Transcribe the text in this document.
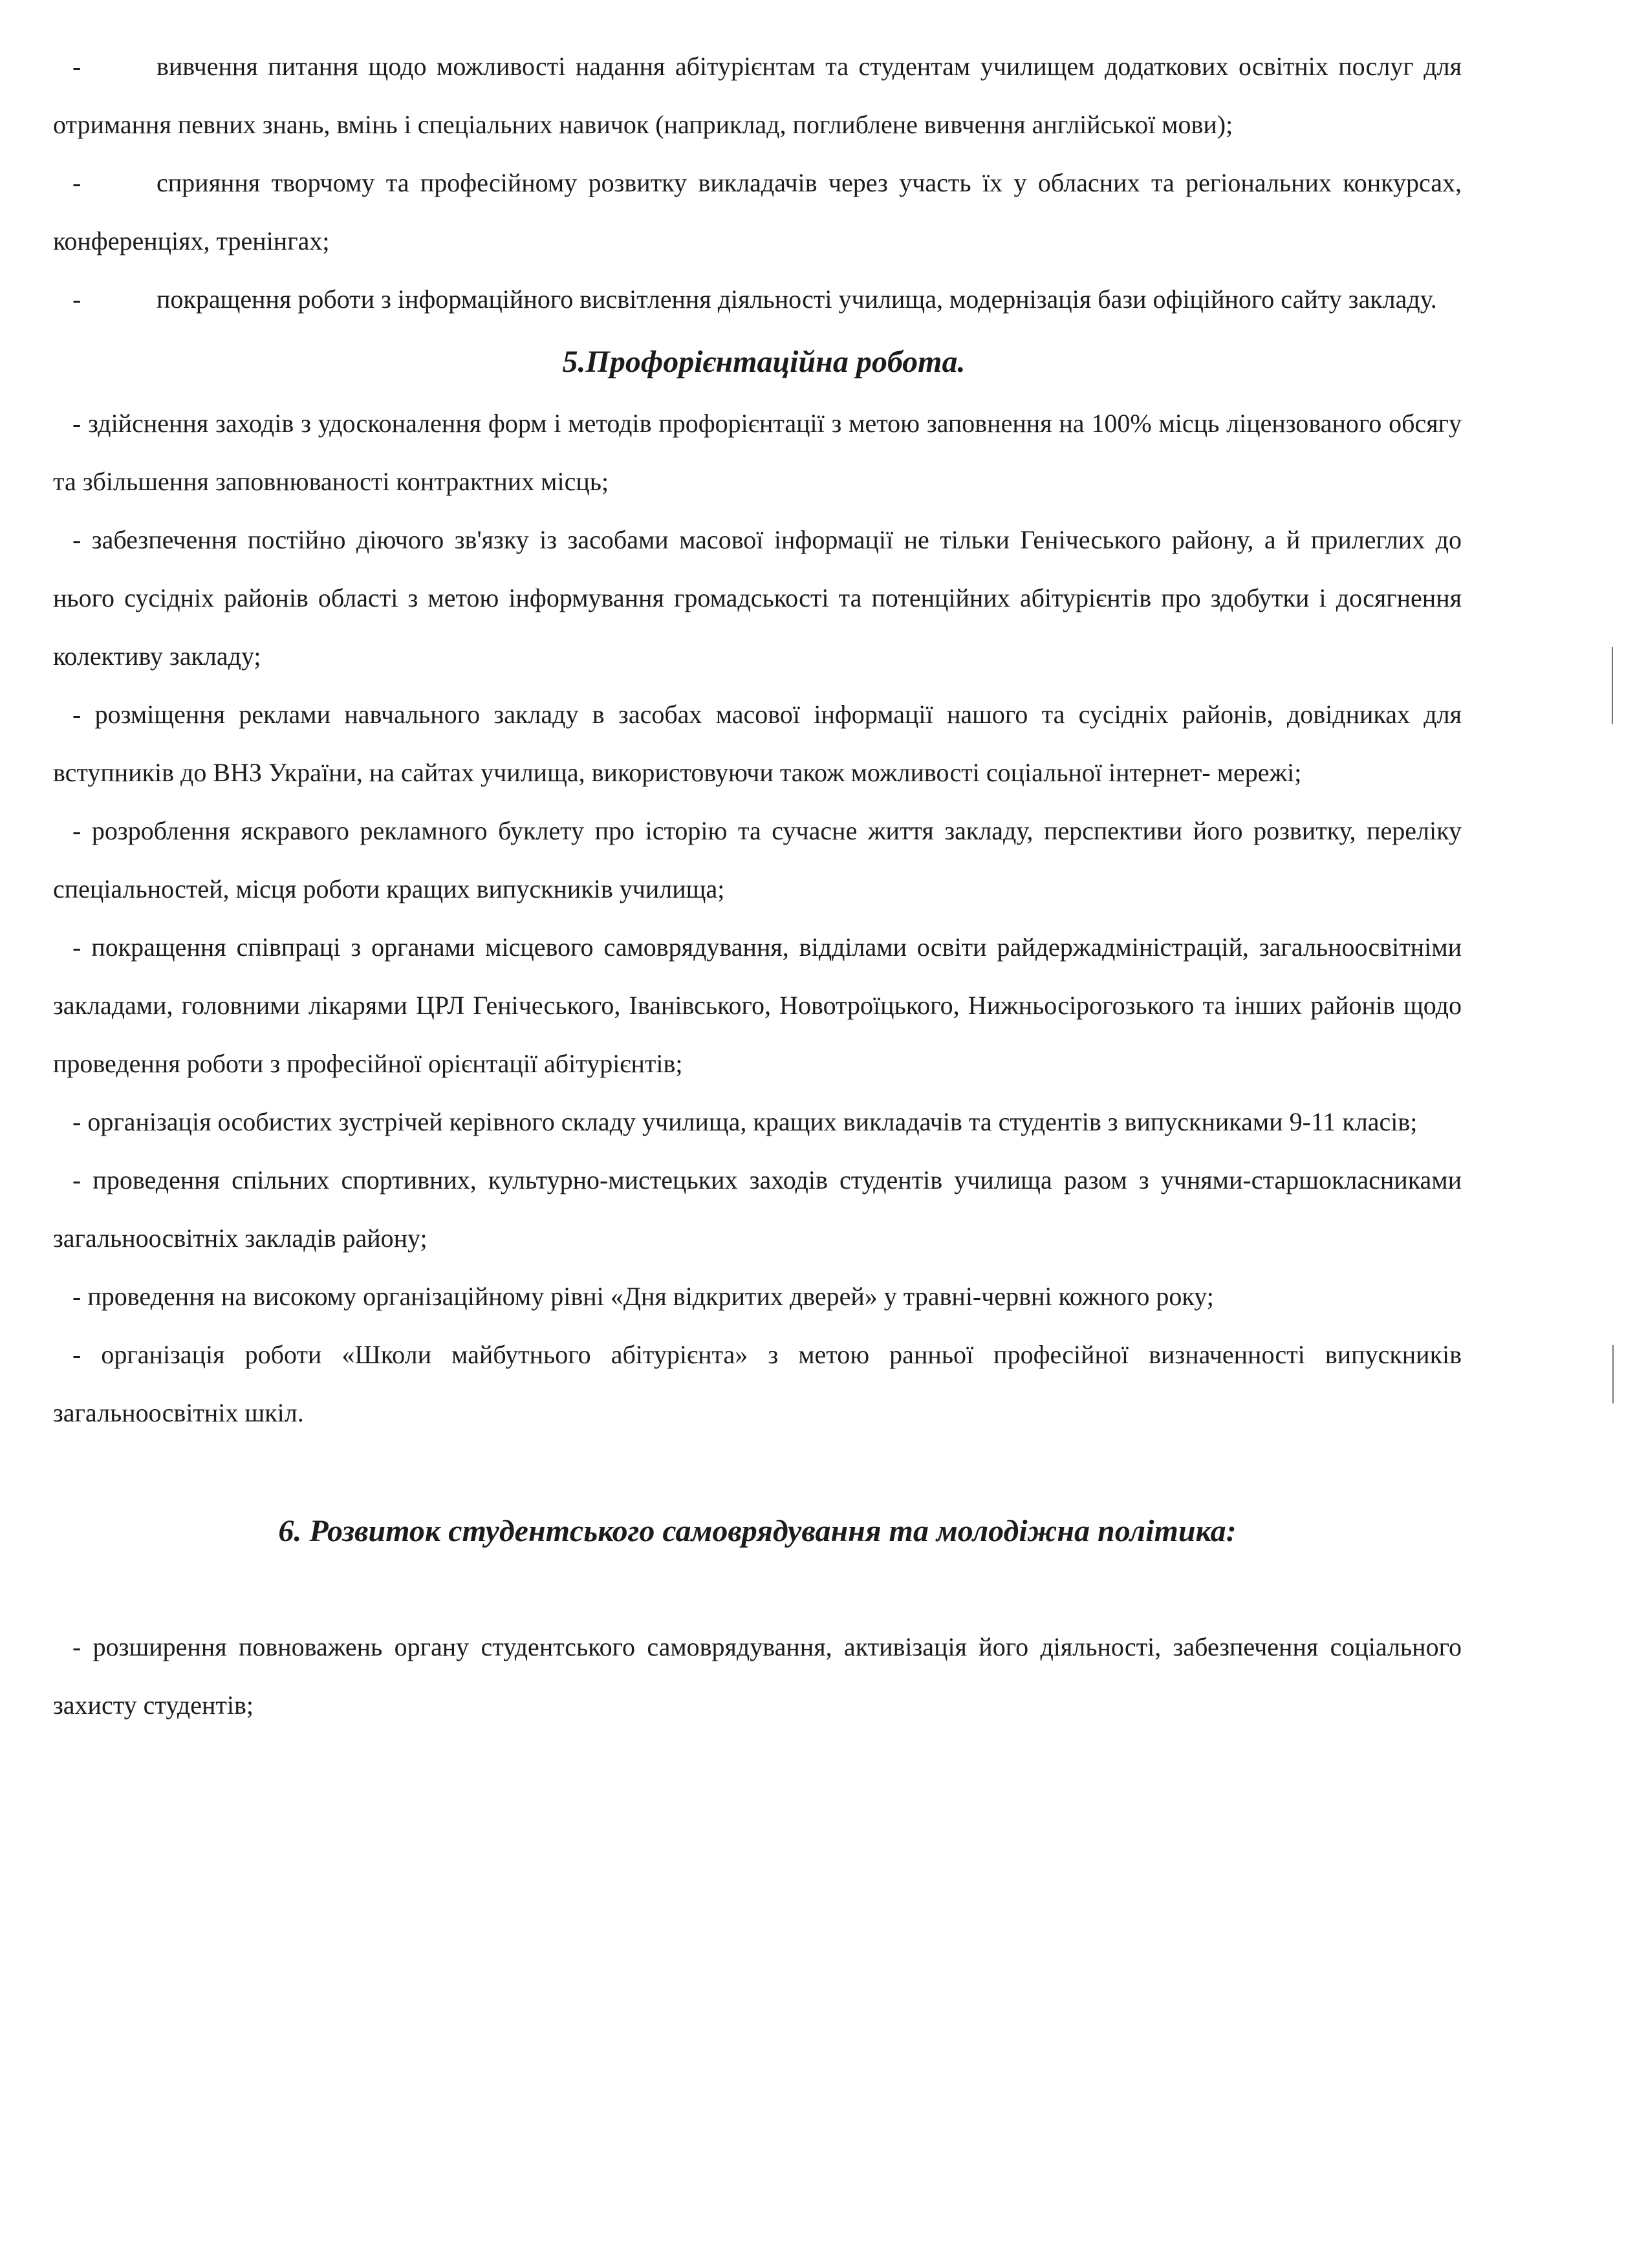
-	вивчення питання щодо можливості надання абітурієнтам та студентам училищем додаткових освітніх послуг для отримання певних знань, вмінь і спеціальних навичок (наприклад, поглиблене вивчення англійської мови);

-	сприяння творчому та професійному розвитку викладачів через участь їх у обласних та регіональних конкурсах, конференціях, тренінгах;

-	покращення роботи з інформаційного висвітлення діяльності училища, модернізація бази офіційного сайту закладу.

5.Профорієнтаційна робота.

- здійснення заходів з удосконалення форм і методів профорієнтації з метою заповнення на 100% місць ліцензованого обсягу та збільшення заповнюваності контрактних місць;

- забезпечення постійно діючого зв'язку із засобами масової інформації не тільки Генічеського району, а й прилеглих до нього сусідніх районів області з метою інформування громадськості та потенційних абітурієнтів про здобутки і досягнення колективу закладу;

- розміщення реклами навчального закладу в засобах масової інформації нашого та сусідніх районів, довідниках для вступників до ВНЗ України, на сайтах училища, використовуючи також можливості соціальної інтернет- мережі;

- розроблення яскравого рекламного буклету про історію та сучасне життя закладу, перспективи його розвитку, переліку спеціальностей, місця роботи кращих випускників училища;

- покращення співпраці з органами місцевого самоврядування, відділами освіти райдержадміністрацій, загальноосвітніми закладами, головними лікарями ЦРЛ Генічеського, Іванівського, Новотроїцького, Нижньосірогозького та інших районів щодо проведення роботи з професійної орієнтації абітурієнтів;

- організація особистих зустрічей керівного складу училища, кращих викладачів та студентів з випускниками 9-11 класів;

- проведення спільних спортивних, культурно-мистецьких заходів студентів училища разом з учнями-старшокласниками загальноосвітніх закладів району;

- проведення на високому організаційному рівні «Дня відкритих дверей» у травні-червні кожного року;

- організація роботи «Школи майбутнього абітурієнта» з метою ранньої професійної визначенності випускників загальноосвітніх шкіл.

6. Розвиток студентського самоврядування та молодіжна політика:

- розширення повноважень органу студентського самоврядування, активізація його діяльності, забезпечення соціального захисту студентів;
